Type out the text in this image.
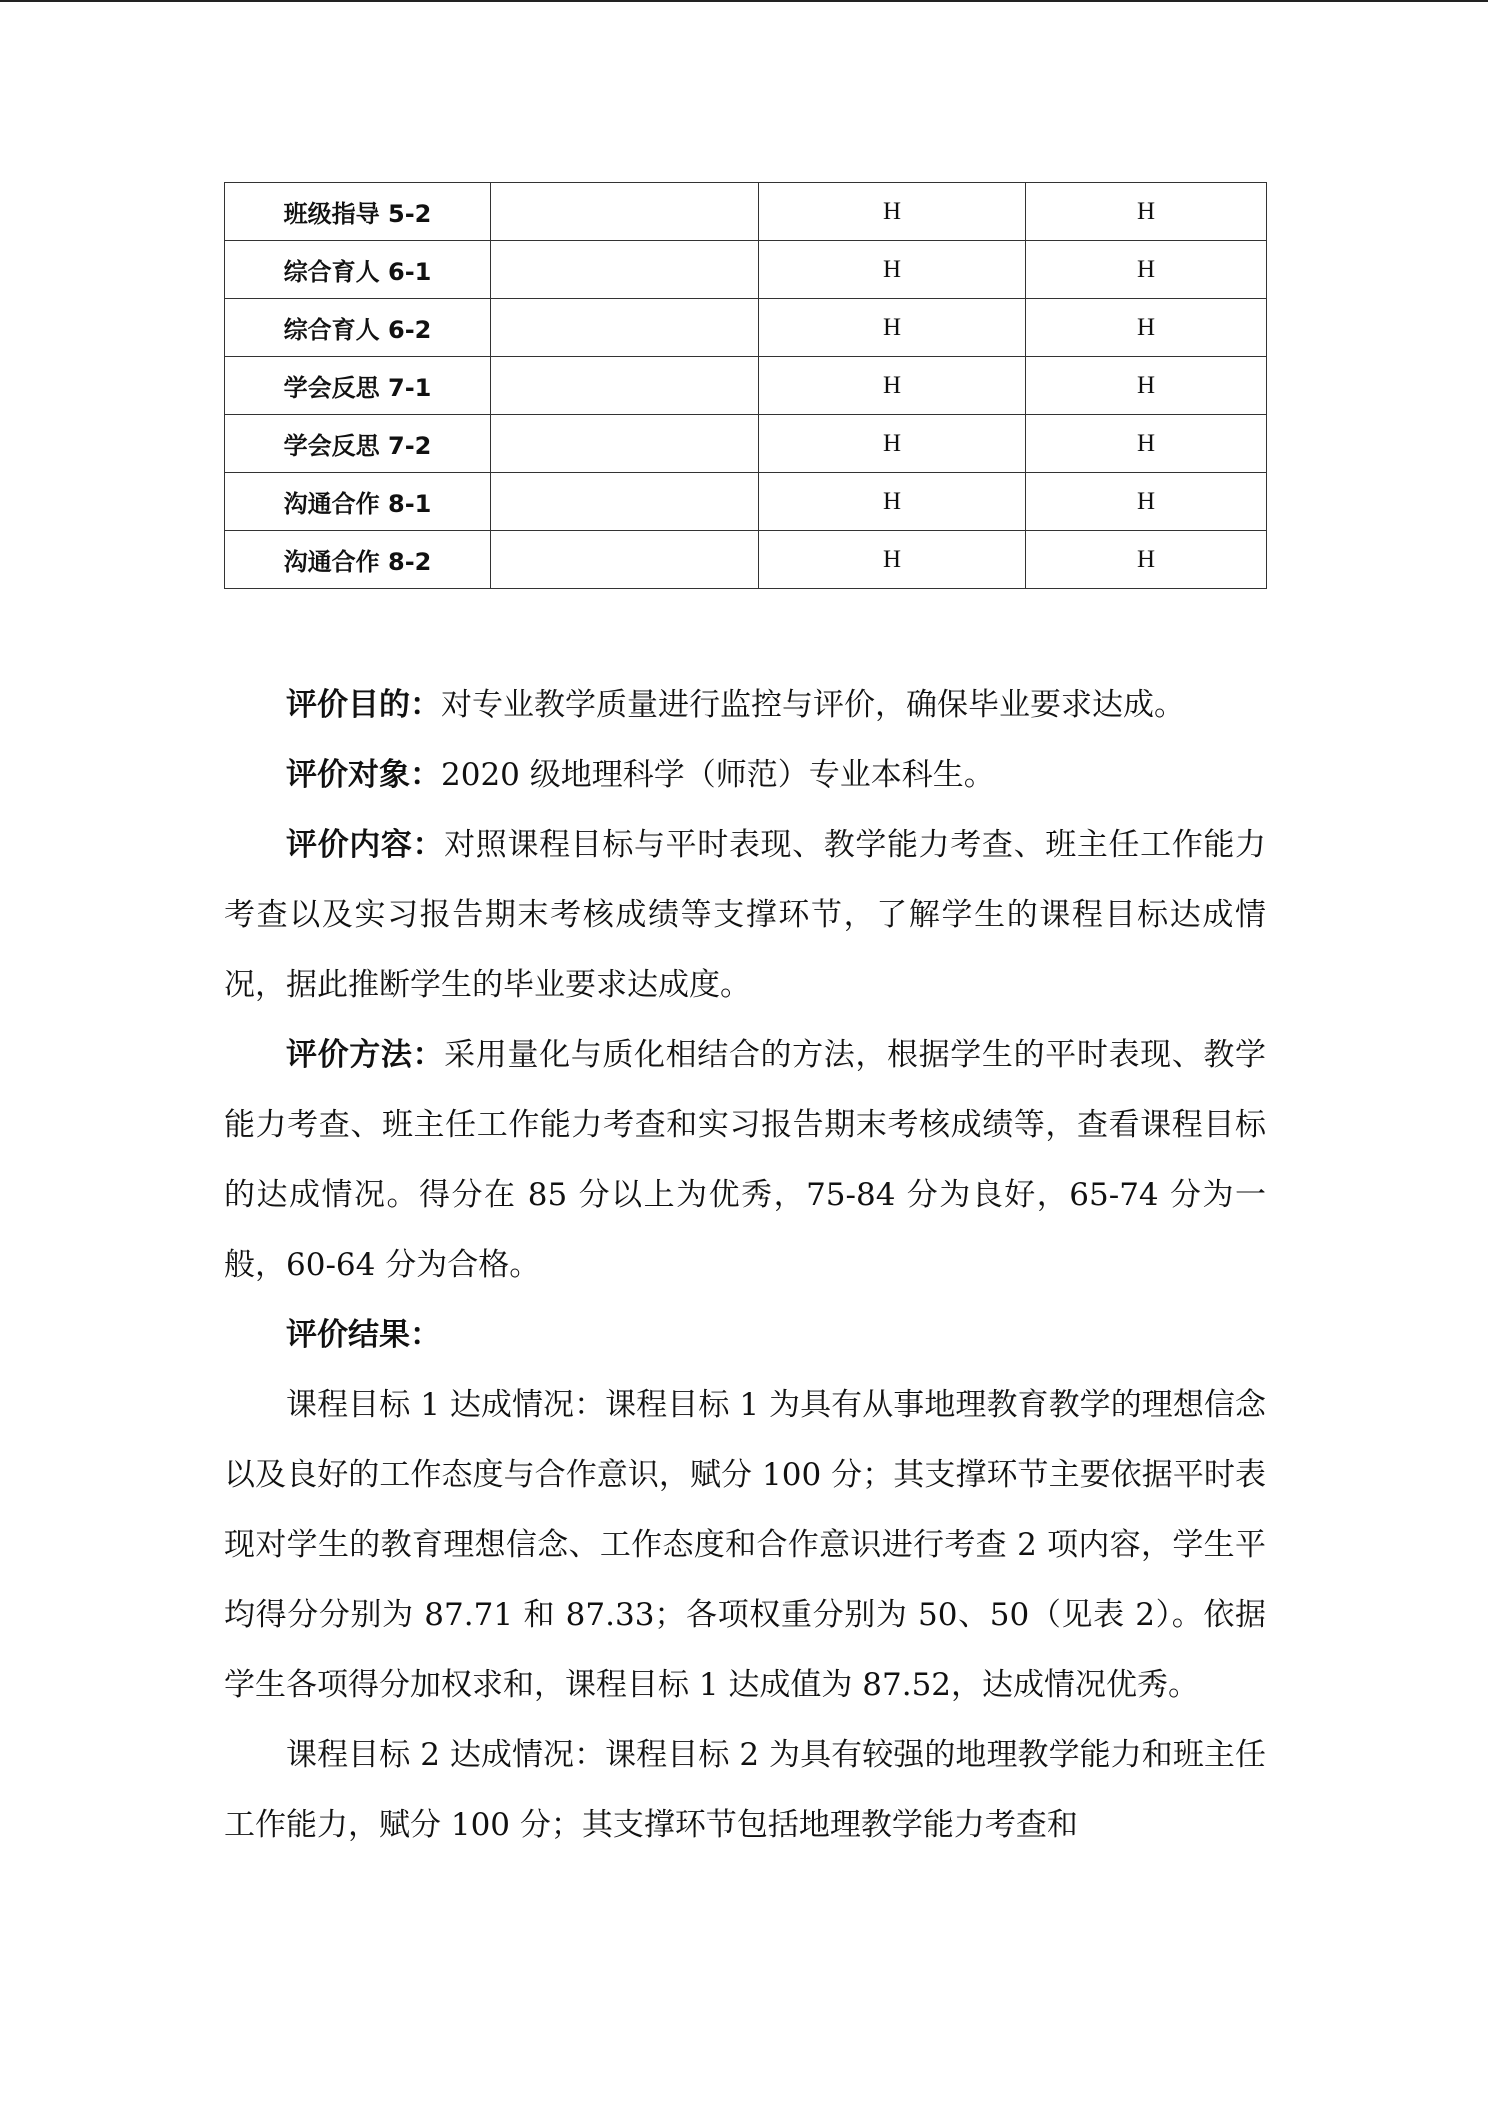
班级指导 5-2		H	H
综合育人 6-1		H	H
综合育人 6-2		H	H
学会反思 7-1		H	H
学会反思 7-2		H	H
沟通合作 8-1		H	H
沟通合作 8-2		H	H

评价目的：对专业教学质量进行监控与评价，确保毕业要求达成。

评价对象：2020 级地理科学（师范）专业本科生。

评价内容：对照课程目标与平时表现、教学能力考查、班主任工作能力考查以及实习报告期末考核成绩等支撑环节，了解学生的课程目标达成情况，据此推断学生的毕业要求达成度。

评价方法：采用量化与质化相结合的方法，根据学生的平时表现、教学能力考查、班主任工作能力考查和实习报告期末考核成绩等，查看课程目标的达成情况。得分在 85 分以上为优秀，75-84 分为良好，65-74 分为一般，60-64 分为合格。

评价结果：

课程目标 1 达成情况：课程目标 1 为具有从事地理教育教学的理想信念以及良好的工作态度与合作意识，赋分 100 分；其支撑环节主要依据平时表现对学生的教育理想信念、工作态度和合作意识进行考查 2 项内容，学生平均得分分别为 87.71 和 87.33；各项权重分别为 50、50（见表 2）。依据学生各项得分加权求和，课程目标 1 达成值为 87.52，达成情况优秀。

课程目标 2 达成情况：课程目标 2 为具有较强的地理教学能力和班主任工作能力，赋分 100 分；其支撑环节包括地理教学能力考查和
